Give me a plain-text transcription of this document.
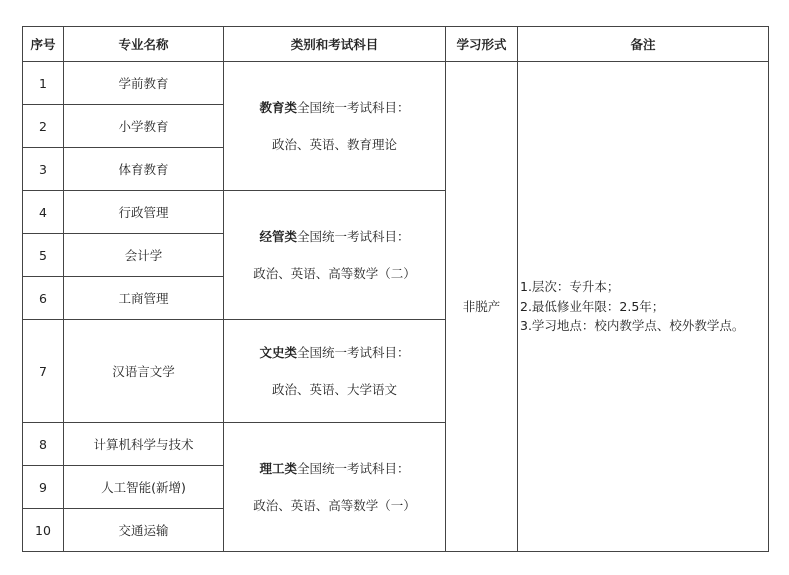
序号	专业名称	类别和考试科目	学习形式	备注
1	学前教育	教育类全国统一考试科目：
政治、英语、教育理论	非脱产	1.层次：专升本；
2.最低修业年限：2.5年；
3.学习地点：校内教学点、校外教学点。

2	小学教育			
3	体育教育			
4	行政管理	经管类全国统一考试科目：
政治、英语、高等数学（二）		

5	会计学			
6	工商管理			
7	汉语言文学	文史类全国统一考试科目：
政治、英语、大学语文		

8	计算机科学与技术	理工类全国统一考试科目：
政治、英语、高等数学（一）		

9	人工智能(新增)			
10	交通运输			
